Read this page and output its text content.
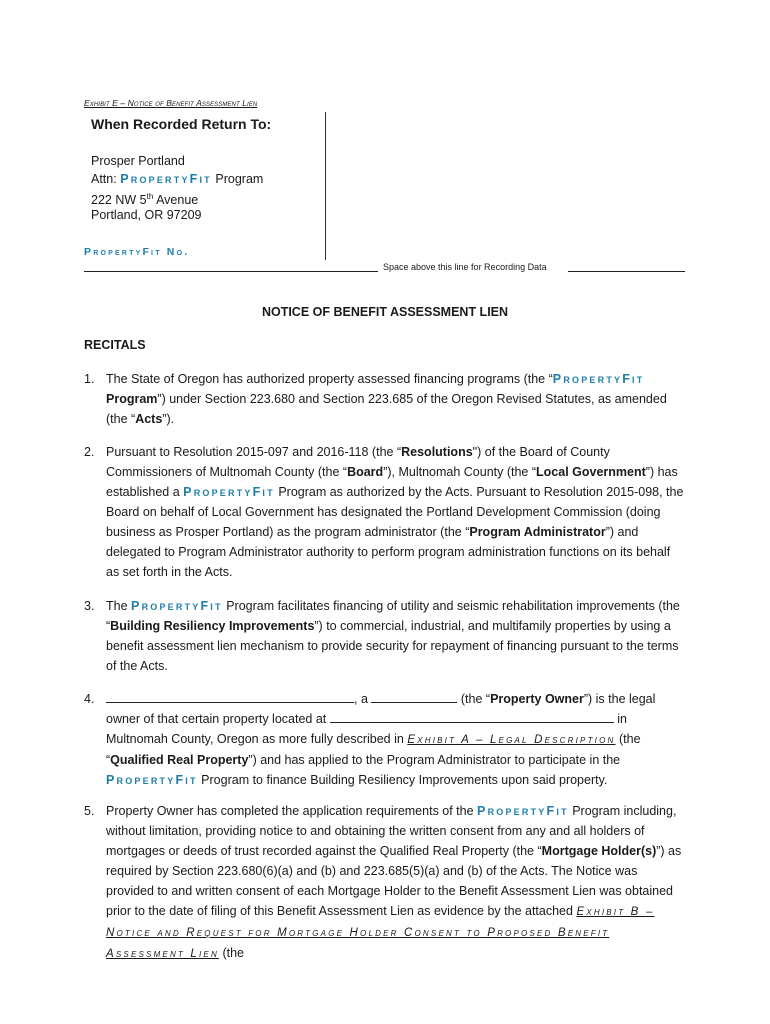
Exhibit E – Notice of Benefit Assessment Lien
When Recorded Return To:
Prosper Portland
Attn: PropertyFit Program
222 NW 5th Avenue
Portland, OR 97209
PropertyFit No.
Space above this line for Recording Data
NOTICE OF BENEFIT ASSESSMENT LIEN
RECITALS
1. The State of Oregon has authorized property assessed financing programs (the “PropertyFit Program”) under Section 223.680 and Section 223.685 of the Oregon Revised Statutes, as amended (the “Acts”).
2. Pursuant to Resolution 2015-097 and 2016-118 (the “Resolutions") of the Board of County Commissioners of Multnomah County (the “Board”), Multnomah County (the “Local Government”) has established a PropertyFit Program as authorized by the Acts. Pursuant to Resolution 2015-098, the Board on behalf of Local Government has designated the Portland Development Commission (doing business as Prosper Portland) as the program administrator (the “Program Administrator”) and delegated to Program Administrator authority to perform program administration functions on its behalf as set forth in the Acts.
3. The PropertyFit Program facilitates financing of utility and seismic rehabilitation improvements (the “Building Resiliency Improvements”) to commercial, industrial, and multifamily properties by using a benefit assessment lien mechanism to provide security for repayment of financing pursuant to the terms of the Acts.
4.	, a	(the “Property Owner”) is the legal owner of that certain property located at	in Multnomah County, Oregon as more fully described in Exhibit A – Legal Description (the “Qualified Real Property”) and has applied to the Program Administrator to participate in the PropertyFit Program to finance Building Resiliency Improvements upon said property.
5. Property Owner has completed the application requirements of the PropertyFit Program including, without limitation, providing notice to and obtaining the written consent from any and all holders of mortgages or deeds of trust recorded against the Qualified Real Property (the “Mortgage Holder(s)”) as required by Section 223.680(6)(a) and (b) and 223.685(5)(a) and (b) of the Acts. The Notice was provided to and written consent of each Mortgage Holder to the Benefit Assessment Lien was obtained prior to the date of filing of this Benefit Assessment Lien as evidence by the attached Exhibit B – Notice and Request for Mortgage Holder Consent to Proposed Benefit Assessment Lien (the
